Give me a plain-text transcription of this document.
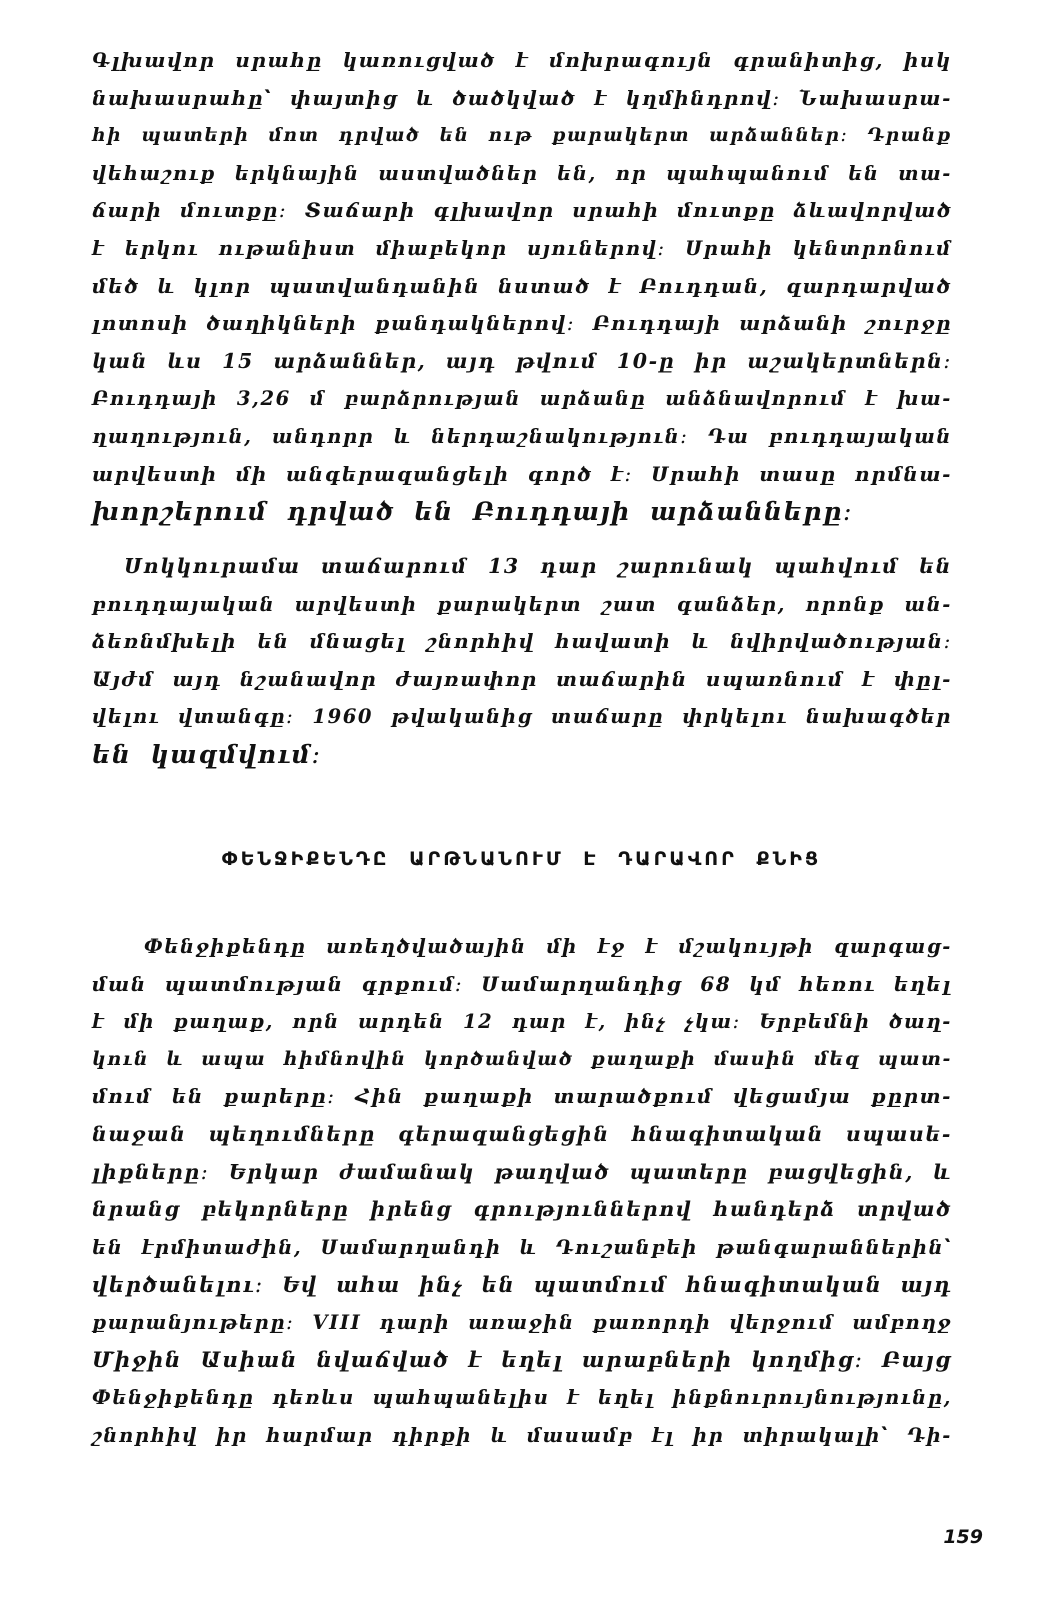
Գլխավոր սրահը կառուցված է մոխրագույն գրանիտից, իսկ
նախասրահը՝ փայտից և ծածկված է կղմինդրով։ Նախասրա-
հի պատերի մոտ դրված են ութ քարակերտ արձաններ։ Դրանք
վեհաշուք երկնային աստվածներ են, որ պահպանում են տա-
ճարի մուտքը։ Տաճարի գլխավոր սրահի մուտքը ձևավորված
է երկու ութանիստ միաբեկոր սյուներով։ Սրահի կենտրոնում
մեծ և կլոր պատվանդանին նստած է Բուդդան, զարդարված
լոտոսի ծաղիկների քանդակներով։ Բուդդայի արձանի շուրջը
կան ևս 15 արձաններ, այդ թվում 10-ը իր աշակերտներն։
Բուդդայի 3,26 մ բարձրության արձանը անձնավորում է խա-
ղաղություն, անդորր և ներդաշնակություն։ Դա բուդդայական
արվեստի մի անգերազանցելի գործ է։ Սրահի տասը որմնա-
խորշերում դրված են Բուդդայի արձանները։
Սոկկուրամա տաճարում 13 դար շարունակ պահվում են
բուդդայական արվեստի քարակերտ շատ գանձեր, որոնք ան-
ձեռնմխելի են մնացել շնորհիվ հավատի և նվիրվածության։
Այժմ այդ նշանավոր ժայռափոր տաճարին սպառնում է փըլ-
վելու վտանգը։ 1960 թվականից տաճարը փրկելու նախագծեր
են կազմվում։
ՓԵՆՋԻՔԵՆԴԸ ԱՐԹՆԱՆՈՒՄ Է ԴԱՐԱՎՈՐ ՔՆԻՑ
Փենջիքենդը առեղծվածային մի էջ է մշակույթի զարգաց-
ման պատմության գրքում։ Սամարղանդից 68 կմ հեռու եղել
է մի քաղաք, որն արդեն 12 դար է, ինչ չկա։ Երբեմնի ծաղ-
կուն և ապա հիմնովին կործանված քաղաքի մասին մեզ պատ-
մում են քարերը։ Հին քաղաքի տարածքում վեցամյա քըրտ-
նաջան պեղումները գերազանցեցին հնագիտական սպասե-
լիքները։ Երկար ժամանակ թաղված պատերը բացվեցին, և
նրանց բեկորները իրենց գրություններով հանդերձ տրված
են էրմիտաժին, Սամարղանդի և Դուշանբեի թանգարաններին՝
վերծանելու։ Եվ ահա ինչ են պատմում հնագիտական այդ
քարանյութերը։ VIII դարի առաջին քառորդի վերջում ամբողջ
Միջին Ասիան նվաճված է եղել արաբների կողմից։ Բայց
Փենջիքենդը դեռևս պահպանելիս է եղել ինքնուրույնությունը,
շնորհիվ իր հարմար դիրքի և մասամբ էլ իր տիրակալի՝ Դի-
159
